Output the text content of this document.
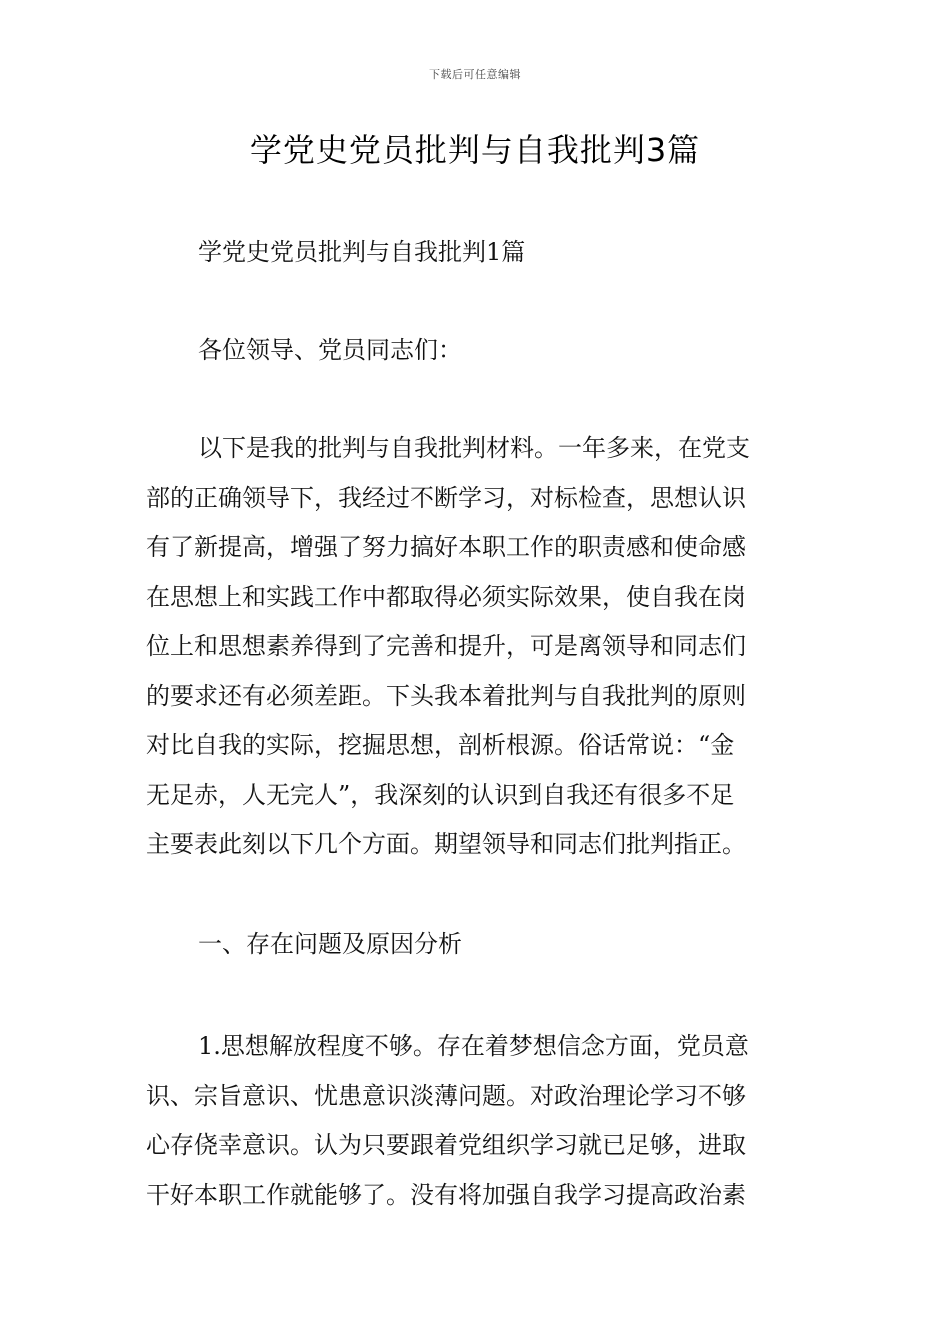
下载后可任意编辑
学党史党员批判与自我批判3篇

学党史党员批判与自我批判1篇

各位领导、党员同志们：

以下是我的批判与自我批判材料。一年多来，在党支
部的正确领导下，我经过不断学习，对标检查，思想认识
有了新提高，增强了努力搞好本职工作的职责感和使命感
在思想上和实践工作中都取得必须实际效果，使自我在岗
位上和思想素养得到了完善和提升，可是离领导和同志们
的要求还有必须差距。下头我本着批判与自我批判的原则
对比自我的实际，挖掘思想，剖析根源。俗话常说：“金
无足赤，人无完人”，我深刻的认识到自我还有很多不足
主要表此刻以下几个方面。期望领导和同志们批判指正。

一、存在问题及原因分析

1.思想解放程度不够。存在着梦想信念方面，党员意
识、宗旨意识、忧患意识淡薄问题。对政治理论学习不够
心存侥幸意识。认为只要跟着党组织学习就已足够，进取
干好本职工作就能够了。没有将加强自我学习提高政治素
